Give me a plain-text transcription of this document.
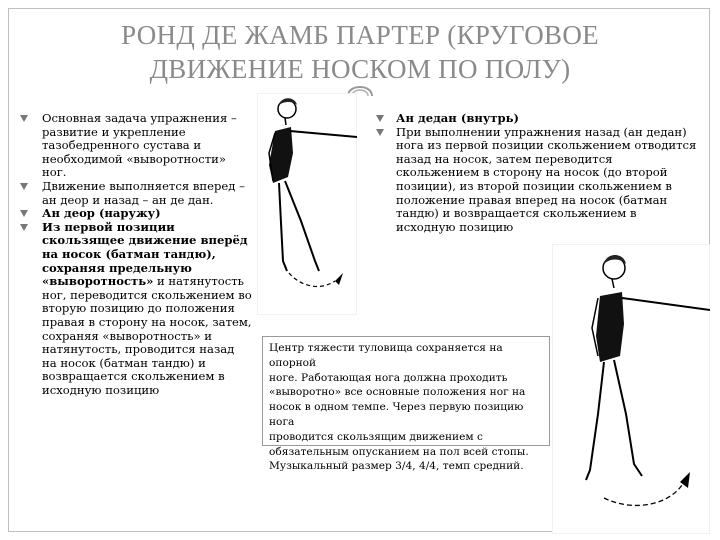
РОНД ДЕ ЖАМБ ПАРТЕР (КРУГОВОЕ
ДВИЖЕНИЕ НОСКОМ ПО ПОЛУ)
Основная задача упражнения – развитие и укрепление тазобедренного сустава и необходимой «выворотности» ног.
Движение выполняется вперед – ан деор и назад – ан де дан.
Ан деор (наружу)
Из первой позиции скользящее движение вперёд на носок (батман тандю), сохраняя предельную «выворотность» и натянутость ног, переводится скольжением во вторую позицию до положения правая в сторону на носок, затем, сохраняя «выворотность» и натянутость, проводится назад на носок (батман тандю) и возвращается скольжением в исходную позицию
Ан дедан (внутрь)
При выполнении упражнения назад (ан дедан) нога из первой позиции скольжением отводится назад на носок, затем переводится скольжением в сторону на носок (до второй позиции), из второй позиции скольжением в положение правая вперед на носок (батман тандю) и возвращается скольжением в исходную позицию
Центр тяжести туловища сохраняется на опорной
ноге. Работающая нога должна проходить
«выворотно» все основные положения ног на
носок в одном темпе. Через первую позицию нога
проводится скользящим движением с
обязательным опусканием на пол всей стопы.
Музыкальный размер 3/4, 4/4, темп средний.
